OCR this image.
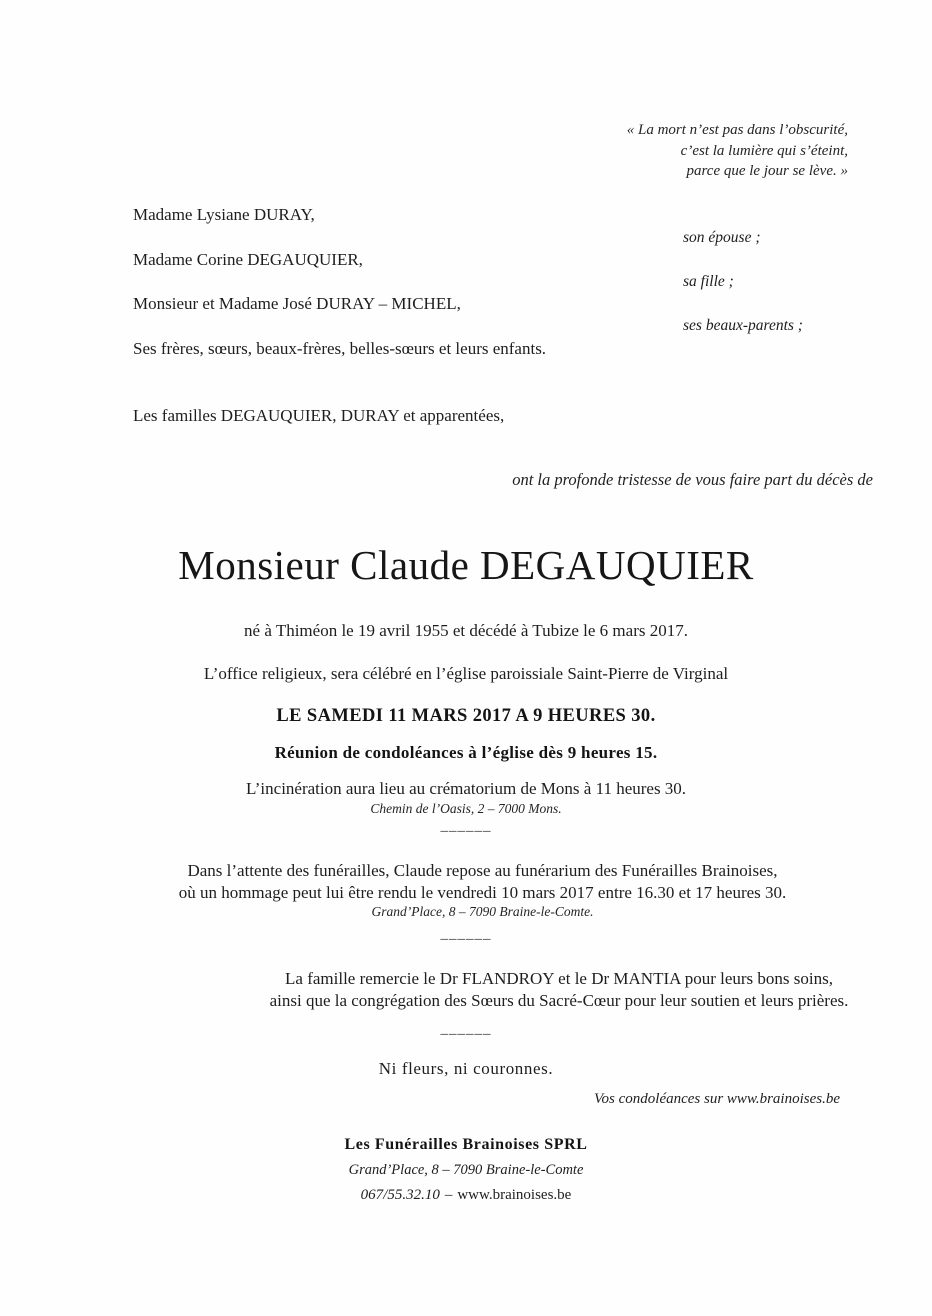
« La mort n’est pas dans l’obscurité,
c’est la lumière qui s’éteint,
parce que le jour se lève. »
Madame Lysiane DURAY,
son épouse ;
Madame Corine DEGAUQUIER,
sa fille ;
Monsieur et Madame José DURAY – MICHEL,
ses beaux-parents ;
Ses frères, sœurs, beaux-frères, belles-sœurs et leurs enfants.
Les familles DEGAUQUIER, DURAY et apparentées,
ont la profonde tristesse de vous faire part du décès de
Monsieur Claude DEGAUQUIER
né à Thiméon le 19 avril 1955 et décédé à Tubize le 6 mars 2017.
L’office religieux, sera célébré en l’église paroissiale Saint-Pierre de Virginal
LE SAMEDI 11 MARS 2017 A 9 HEURES 30.
Réunion de condoléances à l’église dès 9 heures 15.
L’incinération aura lieu au crématorium de Mons à 11 heures 30.
Chemin de l’Oasis, 2 – 7000 Mons.
______
Dans l’attente des funérailles, Claude repose au funérarium des Funérailles Brainoises,
où un hommage peut lui être rendu le vendredi 10 mars 2017 entre 16.30 et 17 heures 30.
Grand’Place, 8 – 7090 Braine-le-Comte.
______
La famille remercie le Dr FLANDROY et le Dr MANTIA pour leurs bons soins,
ainsi que la congrégation des Sœurs du Sacré-Cœur pour leur soutien et leurs prières.
______
Ni fleurs, ni couronnes.
Vos condoléances sur www.brainoises.be
Les Funérailles Brainoises SPRL
Grand’Place, 8 – 7090 Braine-le-Comte
067/55.32.10 – www.brainoises.be
